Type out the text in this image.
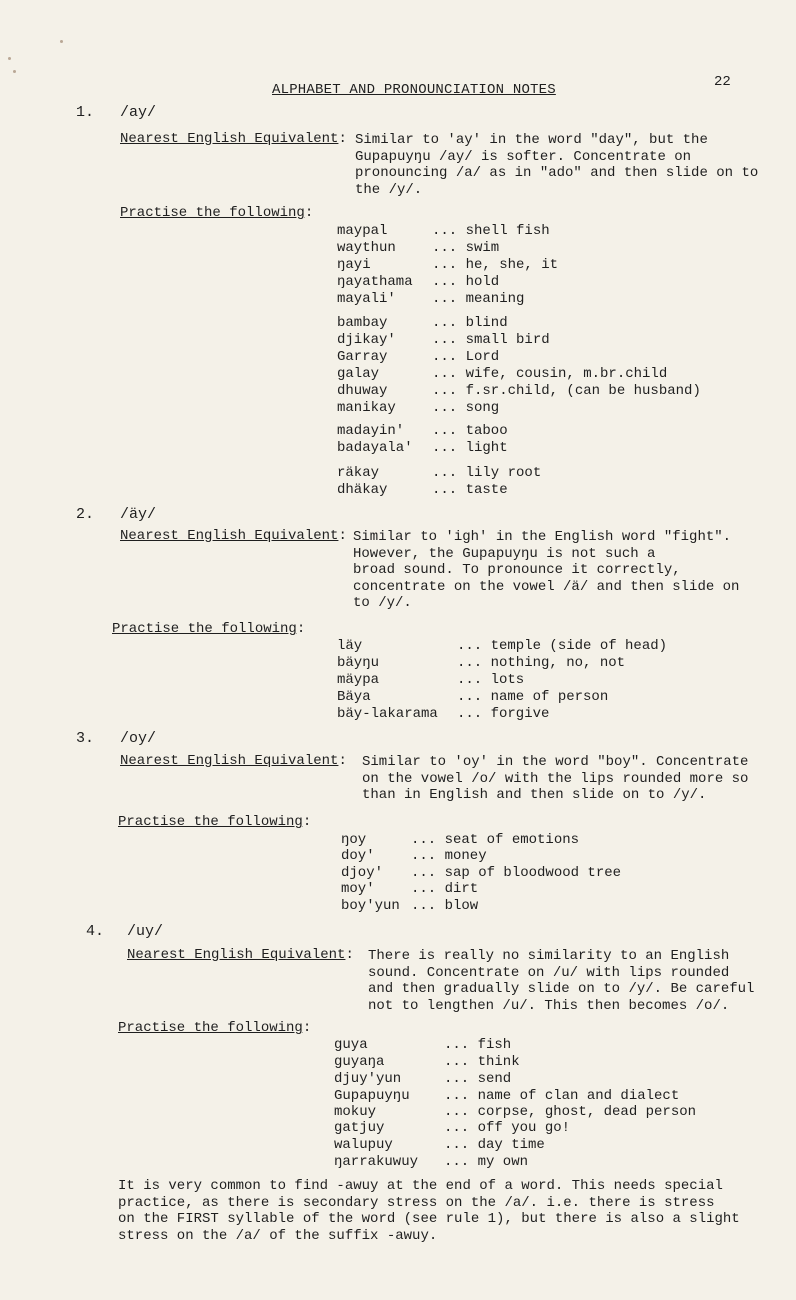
ALPHABET AND PRONOUNCIATION NOTES	22
1. /ay/
Nearest English Equivalent: Similar to 'ay' in the word "day", but the
Gupapuyŋu /ay/ is softer. Concentrate on
pronouncing /a/ as in "ado" and then slide on to
the /y/.
Practise the following:
maypal	... shell fish
waythun	... swim
ŋayi	... he, she, it
ŋayathama	... hold
mayali'	... meaning
bambay	... blind
djikay'	... small bird
Garray	... Lord
galay	... wife, cousin, m.br.child
dhuway	... f.sr.child, (can be husband)
manikay	... song
madayin'	... taboo
badayala'	... light
räkay	... lily root
dhäkay	... taste
2. /äy/
Nearest English Equivalent: Similar to 'igh' in the English word "fight".
However, the Gupapuyŋu is not such a
broad sound. To pronounce it correctly,
concentrate on the vowel /ä/ and then slide on
to /y/.
Practise the following:
läy	... temple (side of head)
bäyŋu	... nothing, no, not
mäypa	... lots
Bäya	... name of person
bäy-lakarama	... forgive
3. /oy/
Nearest English Equivalent: Similar to 'oy' in the word "boy". Concentrate
on the vowel /o/ with the lips rounded more so
than in English and then slide on to /y/.
Practise the following:
ŋoy	... seat of emotions
doy'	... money
djoy'	... sap of bloodwood tree
moy'	... dirt
boy'yun ... blow
4. /uy/
Nearest English Equivalent: There is really no similarity to an English
sound. Concentrate on /u/ with lips rounded
and then gradually slide on to /y/. Be careful
not to lengthen /u/. This then becomes /o/.
Practise the following:
guya	... fish
guyaŋa	... think
djuy'yun	... send
Gupapuyŋu	... name of clan and dialect
mokuy	... corpse, ghost, dead person
gatjuy	... off you go!
walupuy	... day time
ŋarrakuwuy	... my own
It is very common to find -awuy at the end of a word. This needs special
practice, as there is secondary stress on the /a/. i.e. there is stress
on the FIRST syllable of the word (see rule 1), but there is also a slight
stress on the /a/ of the suffix -awuy.
